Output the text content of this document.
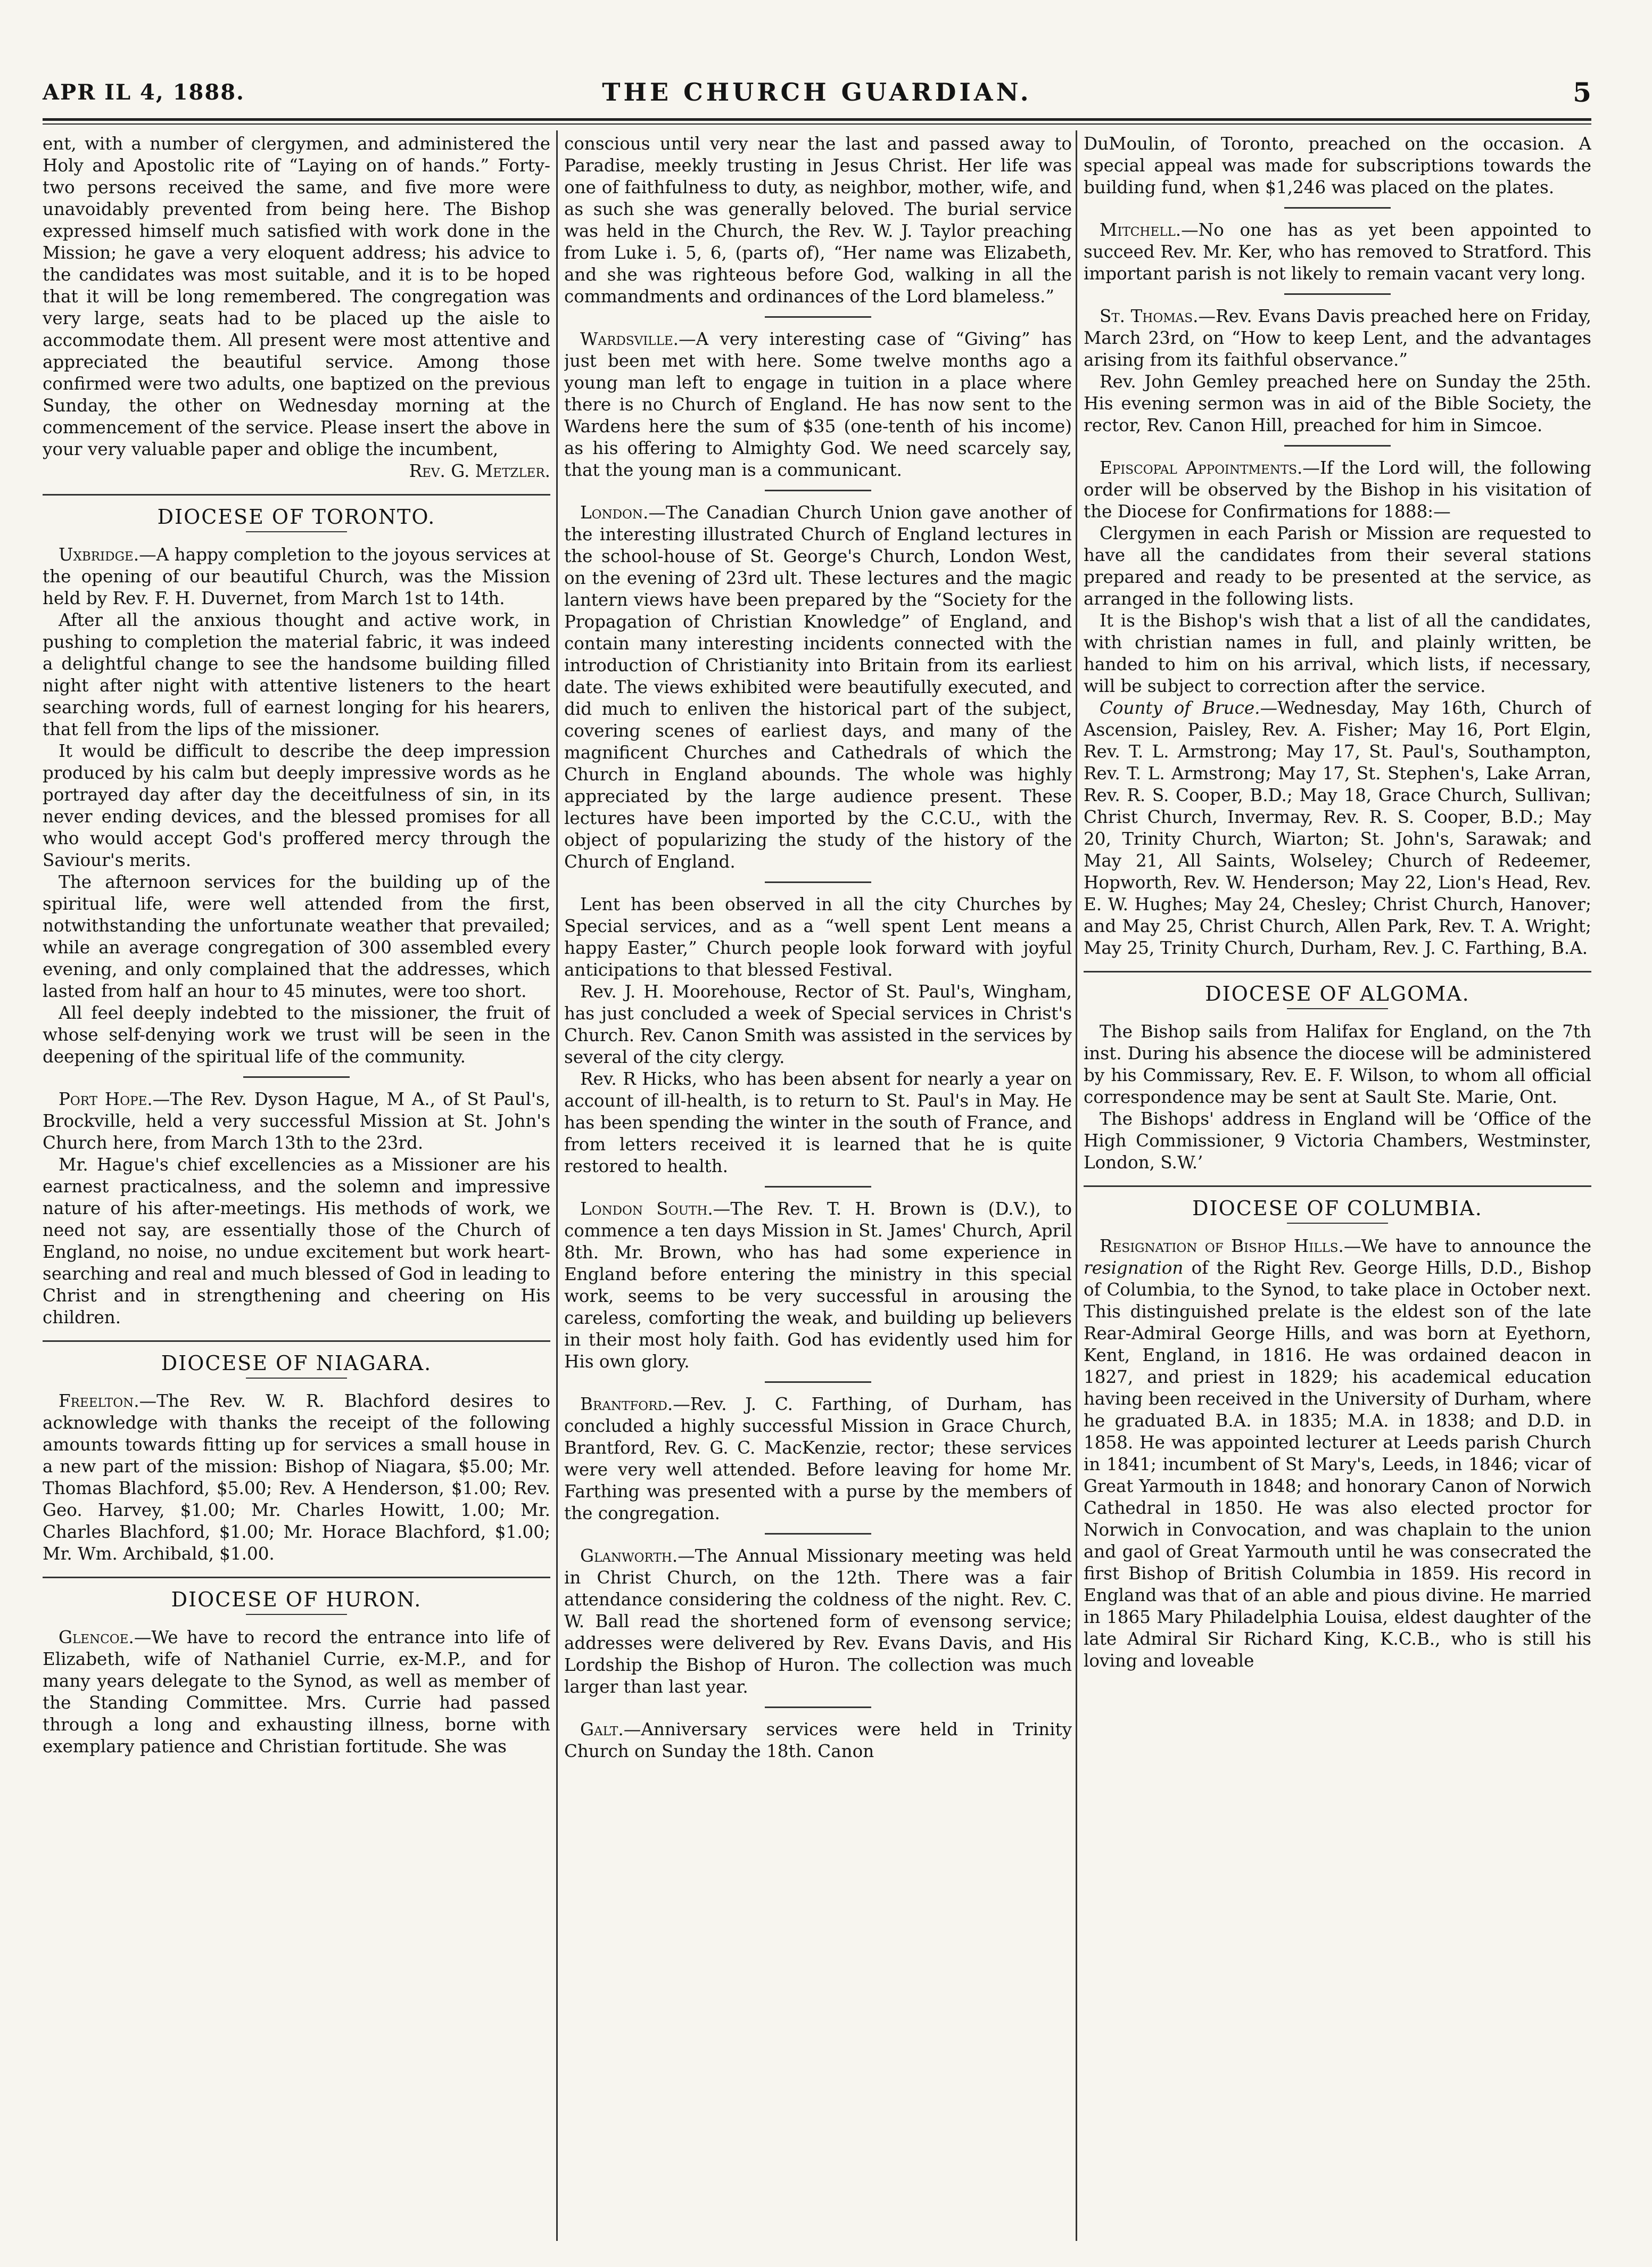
THE CHURCH GUARDIAN.
APR IL 4, 1888.	5

ent, with a number of clergymen, and administered the Holy and Apostolic rite of “Laying on of hands.” Forty-two persons received the same, and five more were unavoidably prevented from being here. The Bishop expressed himself much satisfied with work done in the Mission; he gave a very eloquent address; his advice to the candidates was most suitable, and it is to be hoped that it will be long remembered. The congregation was very large, seats had to be placed up the aisle to accommodate them. All present were most attentive and appreciated the beautiful service. Among those confirmed were two adults, one baptized on the previous Sunday, the other on Wednesday morning at the commencement of the service. Please insert the above in your very valuable paper and oblige the incumbent,

Rev. G. Metzler.

DIOCESE OF TORONTO.

Uxbridge.—A happy completion to the joyous services at the opening of our beautiful Church, was the Mission held by Rev. F. H. Duvernet, from March 1st to 14th.

After all the anxious thought and active work, in pushing to completion the material fabric, it was indeed a delightful change to see the handsome building filled night after night with attentive listeners to the heart searching words, full of earnest longing for his hearers, that fell from the lips of the missioner.

It would be difficult to describe the deep impression produced by his calm but deeply impressive words as he portrayed day after day the deceitfulness of sin, in its never ending devices, and the blessed promises for all who would accept God's proffered mercy through the Saviour's merits.

The afternoon services for the building up of the spiritual life, were well attended from the first, notwithstanding the unfortunate weather that prevailed; while an average congregation of 300 assembled every evening, and only complained that the addresses, which lasted from half an hour to 45 minutes, were too short.

All feel deeply indebted to the missioner, the fruit of whose self-denying work we trust will be seen in the deepening of the spiritual life of the community.

Port Hope.—The Rev. Dyson Hague, M A., of St Paul's, Brockville, held a very successful Mission at St. John's Church here, from March 13th to the 23rd.

Mr. Hague's chief excellencies as a Missioner are his earnest practicalness, and the solemn and impressive nature of his after-meetings. His methods of work, we need not say, are essentially those of the Church of England, no noise, no undue excitement but work heart-searching and real and much blessed of God in leading to Christ and in strengthening and cheering on His children.

DIOCESE OF NIAGARA.

Freelton.—The Rev. W. R. Blachford desires to acknowledge with thanks the receipt of the following amounts towards fitting up for services a small house in a new part of the mission: Bishop of Niagara, $5.00; Mr. Thomas Blachford, $5.00; Rev. A Henderson, $1.00; Rev. Geo. Harvey, $1.00; Mr. Charles Howitt, 1.00; Mr. Charles Blachford, $1.00; Mr. Horace Blachford, $1.00; Mr. Wm. Archibald, $1.00.

DIOCESE OF HURON.

Glencoe.—We have to record the entrance into life of Elizabeth, wife of Nathaniel Currie, ex-M.P., and for many years delegate to the Synod, as well as member of the Standing Committee. Mrs. Currie had passed through a long and exhausting illness, borne with exemplary patience and Christian fortitude. She was

conscious until very near the last and passed away to Paradise, meekly trusting in Jesus Christ. Her life was one of faithfulness to duty, as neighbor, mother, wife, and as such she was generally beloved. The burial service was held in the Church, the Rev. W. J. Taylor preaching from Luke i. 5, 6, (parts of), “Her name was Elizabeth, and she was righteous before God, walking in all the commandments and ordinances of the Lord blameless.”

Wardsville.—A very interesting case of “Giving” has just been met with here. Some twelve months ago a young man left to engage in tuition in a place where there is no Church of England. He has now sent to the Wardens here the sum of $35 (one-tenth of his income) as his offering to Almighty God. We need scarcely say, that the young man is a communicant.

London.—The Canadian Church Union gave another of the interesting illustrated Church of England lectures in the school-house of St. George's Church, London West, on the evening of 23rd ult. These lectures and the magic lantern views have been prepared by the “Society for the Propagation of Christian Knowledge” of England, and contain many interesting incidents connected with the introduction of Christianity into Britain from its earliest date. The views exhibited were beautifully executed, and did much to enliven the historical part of the subject, covering scenes of earliest days, and many of the magnificent Churches and Cathedrals of which the Church in England abounds. The whole was highly appreciated by the large audience present. These lectures have been imported by the C.C.U., with the object of popularizing the study of the history of the Church of England.

Lent has been observed in all the city Churches by Special services, and as a “well spent Lent means a happy Easter,” Church people look forward with joyful anticipations to that blessed Festival.

Rev. J. H. Moorehouse, Rector of St. Paul's, Wingham, has just concluded a week of Special services in Christ's Church. Rev. Canon Smith was assisted in the services by several of the city clergy.

Rev. R Hicks, who has been absent for nearly a year on account of ill-health, is to return to St. Paul's in May. He has been spending the winter in the south of France, and from letters received it is learned that he is quite restored to health.

London South.—The Rev. T. H. Brown is (D.V.), to commence a ten days Mission in St. James' Church, April 8th. Mr. Brown, who has had some experience in England before entering the ministry in this special work, seems to be very successful in arousing the careless, comforting the weak, and building up believers in their most holy faith. God has evidently used him for His own glory.

Brantford.—Rev. J. C. Farthing, of Durham, has concluded a highly successful Mission in Grace Church, Brantford, Rev. G. C. MacKenzie, rector; these services were very well attended. Before leaving for home Mr. Farthing was presented with a purse by the members of the congregation.

Glanworth.—The Annual Missionary meeting was held in Christ Church, on the 12th. There was a fair attendance considering the coldness of the night. Rev. C. W. Ball read the shortened form of evensong service; addresses were delivered by Rev. Evans Davis, and His Lordship the Bishop of Huron. The collection was much larger than last year.

Galt.—Anniversary services were held in Trinity Church on Sunday the 18th. Canon

DuMoulin, of Toronto, preached on the occasion. A special appeal was made for subscriptions towards the building fund, when $1,246 was placed on the plates.

Mitchell.—No one has as yet been appointed to succeed Rev. Mr. Ker, who has removed to Stratford. This important parish is not likely to remain vacant very long.

St. Thomas.—Rev. Evans Davis preached here on Friday, March 23rd, on “How to keep Lent, and the advantages arising from its faithful observance.”

Rev. John Gemley preached here on Sunday the 25th. His evening sermon was in aid of the Bible Society, the rector, Rev. Canon Hill, preached for him in Simcoe.

Episcopal Appointments.—If the Lord will, the following order will be observed by the Bishop in his visitation of the Diocese for Confirmations for 1888:—

Clergymen in each Parish or Mission are requested to have all the candidates from their several stations prepared and ready to be presented at the service, as arranged in the following lists.

It is the Bishop's wish that a list of all the candidates, with christian names in full, and plainly written, be handed to him on his arrival, which lists, if necessary, will be subject to correction after the service.

County of Bruce.—Wednesday, May 16th, Church of Ascension, Paisley, Rev. A. Fisher; May 16, Port Elgin, Rev. T. L. Armstrong; May 17, St. Paul's, Southampton, Rev. T. L. Armstrong; May 17, St. Stephen's, Lake Arran, Rev. R. S. Cooper, B.D.; May 18, Grace Church, Sullivan; Christ Church, Invermay, Rev. R. S. Cooper, B.D.; May 20, Trinity Church, Wiarton; St. John's, Sarawak; and May 21, All Saints, Wolseley; Church of Redeemer, Hopworth, Rev. W. Henderson; May 22, Lion's Head, Rev. E. W. Hughes; May 24, Chesley; Christ Church, Hanover; and May 25, Christ Church, Allen Park, Rev. T. A. Wright; May 25, Trinity Church, Durham, Rev. J. C. Farthing, B.A.

DIOCESE OF ALGOMA.

The Bishop sails from Halifax for England, on the 7th inst. During his absence the diocese will be administered by his Commissary, Rev. E. F. Wilson, to whom all official correspondence may be sent at Sault Ste. Marie, Ont.

The Bishops' address in England will be ‘Office of the High Commissioner, 9 Victoria Chambers, Westminster, London, S.W.’

DIOCESE OF COLUMBIA.

Resignation of Bishop Hills.—We have to announce the resignation of the Right Rev. George Hills, D.D., Bishop of Columbia, to the Synod, to take place in October next. This distinguished prelate is the eldest son of the late Rear-Admiral George Hills, and was born at Eyethorn, Kent, England, in 1816. He was ordained deacon in 1827, and priest in 1829; his academical education having been received in the University of Durham, where he graduated B.A. in 1835; M.A. in 1838; and D.D. in 1858. He was appointed lecturer at Leeds parish Church in 1841; incumbent of St Mary's, Leeds, in 1846; vicar of Great Yarmouth in 1848; and honorary Canon of Norwich Cathedral in 1850. He was also elected proctor for Norwich in Convocation, and was chaplain to the union and gaol of Great Yarmouth until he was consecrated the first Bishop of British Columbia in 1859. His record in England was that of an able and pious divine. He married in 1865 Mary Philadelphia Louisa, eldest daughter of the late Admiral Sir Richard King, K.C.B., who is still his loving and loveable
